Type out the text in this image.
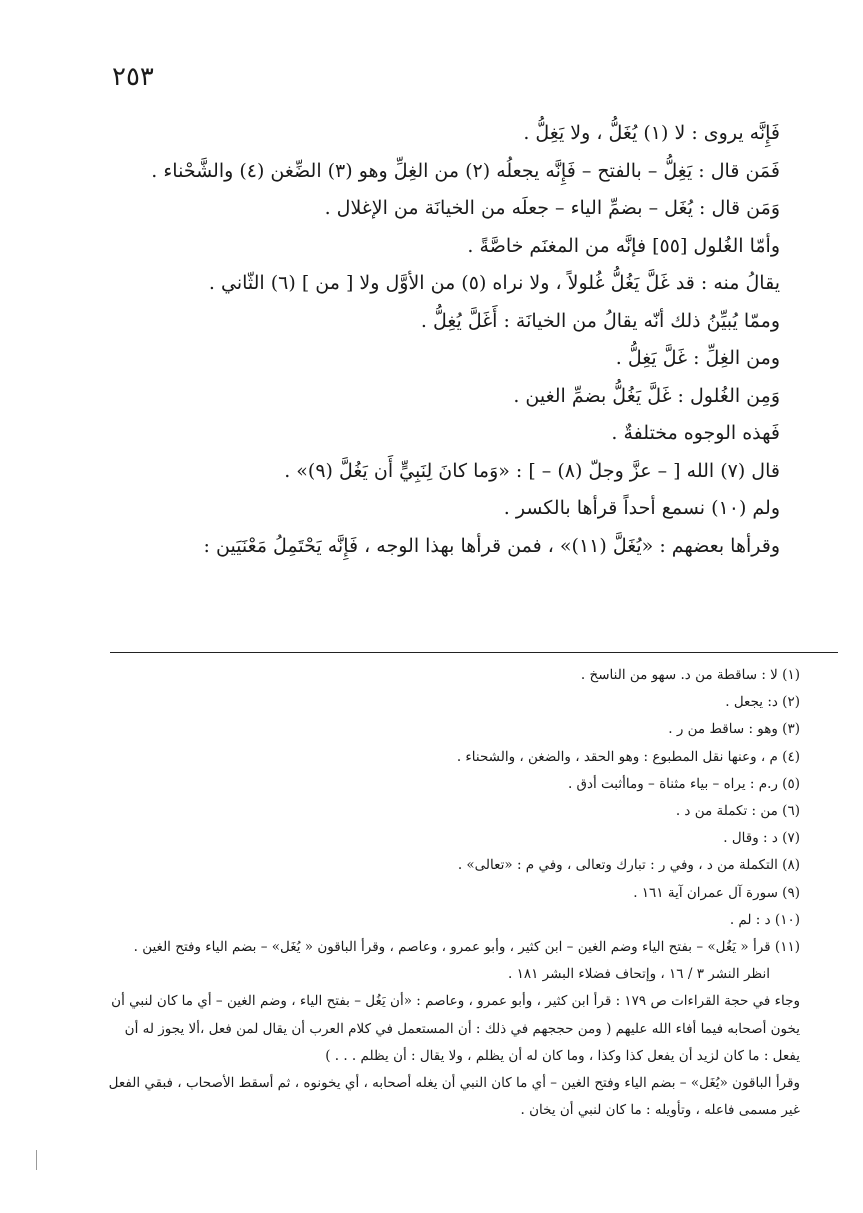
٢٥٣

فَإِنَّه يروى : لا (١) يُغَلُّ ، ولا يَغِلُّ .

فَمَن قال : يَغِلُّ – بالفتح – فَإِنَّه يجعلُه (٢) من الغِلِّ وهو (٣) الضِّغن (٤) والشَّحْناء .

وَمَن قال : يُغَل – بضمِّ الياء – جعلَه من الخيانَة من الإغلال .

وأمّا الغُلول [٥٥] فإنَّه من المغنَم خاصَّةً .

يقالُ منه : قد غَلَّ يَغُلُّ غُلولاً ، ولا نراه (٥) من الأوَّل ولا [ من ] (٦) الثّاني .

وممّا يُبيِّنُ ذلك أنّه يقالُ من الخيانَة : أَغَلَّ يُغِلُّ .

ومن الغِلِّ : غَلَّ يَغِلُّ .

وَمِن الغُلول : غَلَّ يَغُلُّ بضمِّ الغين .

فَهذه الوجوه مختلفةٌ .

قال (٧) الله [ – عزَّ وجلّ (٨) – ] : «وَما كانَ لِنَبِيٍّ أَن يَغُلَّ (٩)» .

ولم (١٠) نسمع أحداً قرأها بالكسر .

وقرأها بعضهم : «يُغَلَّ (١١)» ، فمن قرأها بهذا الوجه ، فَإِنَّه يَحْتَمِلُ مَعْنَيَين :

(١) لا : ساقطة من د. سهو من الناسخ .

(٢) د: يجعل .

(٣) وهو : ساقط من ر .

(٤) م ، وعنها نقل المطبوع : وهو الحقد ، والضغن ، والشحناء .

(٥) ر.م : يراه – بياء مثناة – وماأثبت أدق .

(٦) من : تكملة من د .

(٧) د : وقال .

(٨) التكملة من د ، وفي ر : تبارك وتعالى ، وفي م : «تعالى» .

(٩) سورة آل عمران آية ١٦١ .

(١٠) د : لم .

(١١) قرأ « يَغُل» – بفتح الياء وضم الغين – ابن كثير ، وأبو عمرو ، وعاصم ، وقرأ الباقون « يُغَل» – بضم الياء وفتح الغين .

انظر النشر ٣ / ١٦ ، وإتحاف فضلاء البشر ١٨١ .

وجاء في حجة القراءات ص ١٧٩ : قرأ ابن كثير ، وأبو عمرو ، وعاصم : «أن يَغُل – بفتح الياء ، وضم الغين – أي ما كان لنبي أن يخون أصحابه فيما أفاء الله عليهم ( ومن حججهم في ذلك : أن المستعمل في كلام العرب أن يقال لمن فعل ،ألا يجوز له أن يفعل : ما كان لزيد أن يفعل كذا وكذا ، وما كان له أن يظلم ، ولا يقال : أن يظلم . . . )

وقرأ الباقون «يُغَل» – بضم الياء وفتح الغين – أي ما كان النبي أن يغله أصحابه ، أي يخونوه ، ثم أسقط الأصحاب ، فبقي الفعل غير مسمى فاعله ، وتأويله : ما كان لنبي أن يخان .
